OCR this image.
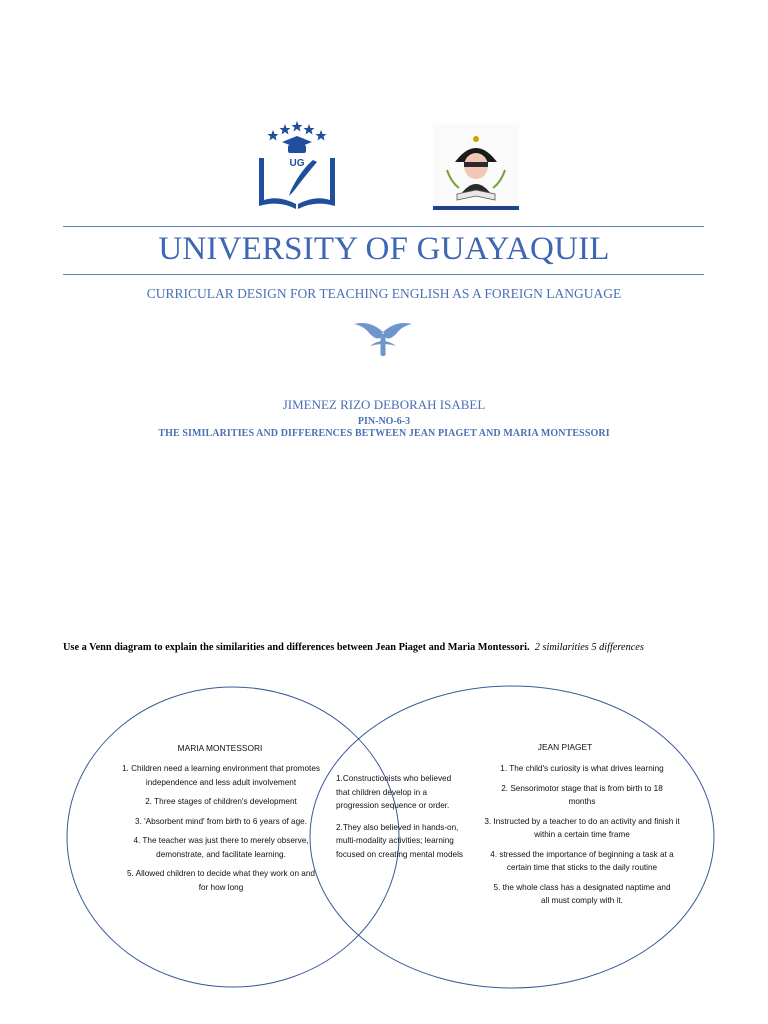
UG
UNIVERSITY OF GUAYAQUIL
CURRICULAR DESIGN FOR TEACHING ENGLISH AS A FOREIGN LANGUAGE
JIMENEZ RIZO DEBORAH ISABEL
PIN-NO-6-3
THE SIMILARITIES AND DIFFERENCES BETWEEN JEAN PIAGET AND MARIA MONTESSORI
Use a Venn diagram to explain the similarities and differences between Jean Piaget and Maria Montessori. 2 similarities 5 differences
MARIA MONTESSORI

1. Children need a learning environment that promotes independence and less adult involvement

2. Three stages of children's development

3. 'Absorbent mind' from birth to 6 years of age.

4. The teacher was just there to merely observe, demonstrate, and facilitate learning.

5. Allowed children to decide what they work on and for how long

1.Constructionists who believed that children develop in a progression sequence or order.

2.They also believed in hands-on, multi-modality activities; learning focused on creating mental models

JEAN PIAGET

1. The child's curiosity is what drives learning

2. Sensorimotor stage that is from birth to 18 months

3. Instructed by a teacher to do an activity and finish it within a certain time frame

4. stressed the importance of beginning a task at a certain time that sticks to the daily routine

5. the whole class has a designated naptime and all must comply with it.
